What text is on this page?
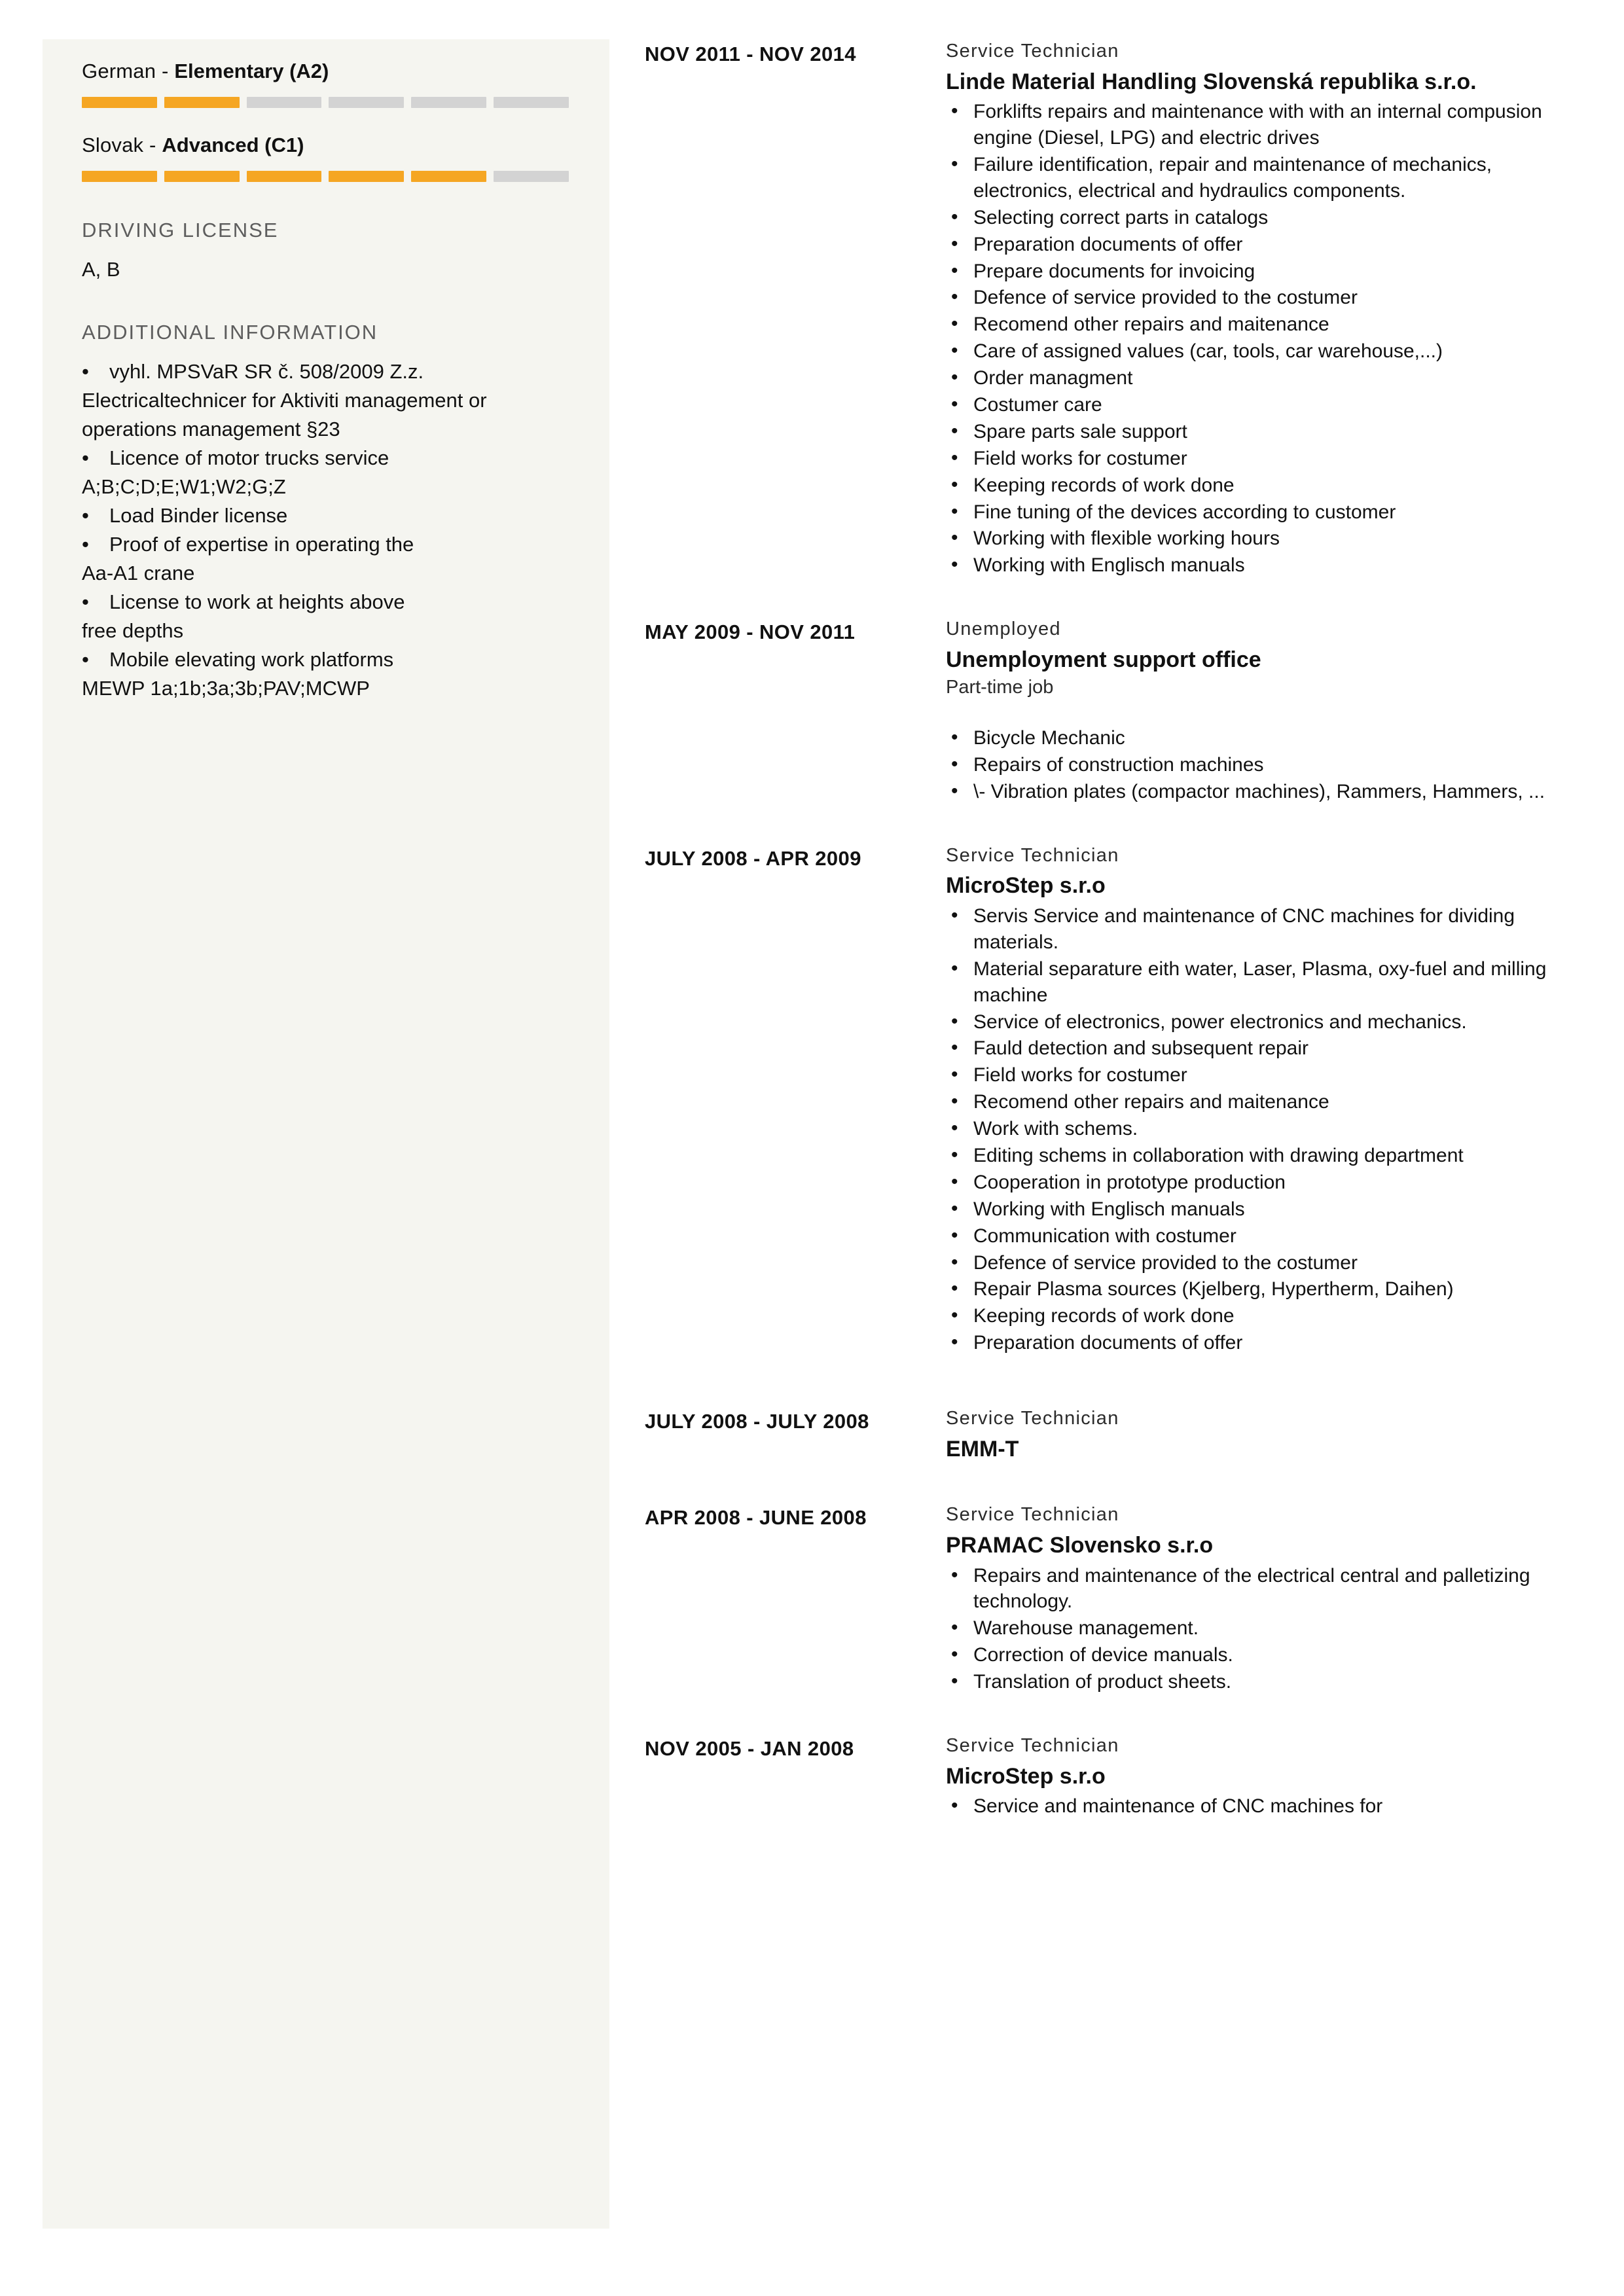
German - Elementary (A2)
Slovak - Advanced (C1)
DRIVING LICENSE
A, B
ADDITIONAL INFORMATION
• vyhl. MPSVaR SR č. 508/2009 Z.z.
Electricaltechnicer for Aktiviti management or operations management §23
• Licence of motor trucks service
A;B;C;D;E;W1;W2;G;Z
• Load Binder license
• Proof of expertise in operating the
Aa-A1 crane
• License to work at heights above
free depths
• Mobile elevating work platforms
MEWP 1a;1b;3a;3b;PAV;MCWP
NOV 2011 - NOV 2014	Service Technician
Linde Material Handling Slovenská republika s.r.o.
• Forklifts repairs and maintenance with with an internal compusion engine (Diesel, LPG) and electric drives
• Failure identification, repair and maintenance of mechanics, electronics, electrical and hydraulics components.
• Selecting correct parts in catalogs
• Preparation documents of offer
• Prepare documents for invoicing
• Defence of service provided to the costumer
• Recomend other repairs and maitenance
• Care of assigned values (car, tools, car warehouse,...)
• Order managment
• Costumer care
• Spare parts sale support
• Field works for costumer
• Keeping records of work done
• Fine tuning of the devices according to customer
• Working with flexible working hours
• Working with Englisch manuals
MAY 2009 - NOV 2011	Unemployed
Unemployment support office
Part-time job
• Bicycle Mechanic
• Repairs of construction machines
• \- Vibration plates (compactor machines), Rammers, Hammers, ...
JULY 2008 - APR 2009	Service Technician
MicroStep s.r.o
• Servis Service and maintenance of CNC machines for dividing materials.
• Material separature eith water, Laser, Plasma, oxy-fuel and milling machine
• Service of electronics, power electronics and mechanics.
• Fauld detection and subsequent repair
• Field works for costumer
• Recomend other repairs and maitenance
• Work with schems.
• Editing schems in collaboration with drawing department
• Cooperation in prototype production
• Working with Englisch manuals
• Communication with costumer
• Defence of service provided to the costumer
• Repair Plasma sources (Kjelberg, Hypertherm, Daihen)
• Keeping records of work done
• Preparation documents of offer
JULY 2008 - JULY 2008	Service Technician
EMM-T
APR 2008 - JUNE 2008	Service Technician
PRAMAC Slovensko s.r.o
• Repairs and maintenance of the electrical central and palletizing technology.
• Warehouse management.
• Correction of device manuals.
• Translation of product sheets.
NOV 2005 - JAN 2008	Service Technician
MicroStep s.r.o
• Service and maintenance of CNC machines for
